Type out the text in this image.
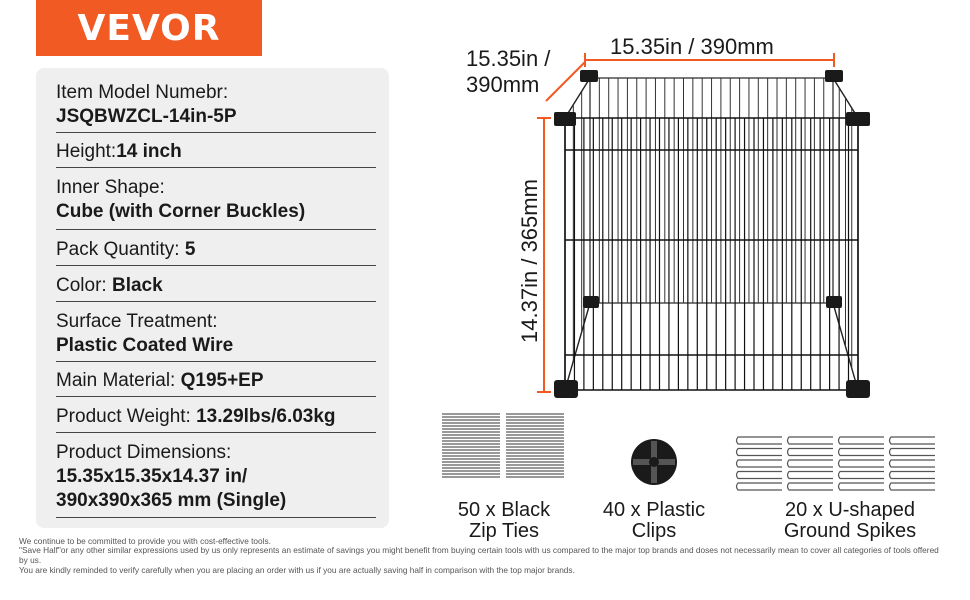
VEVOR
Item Model Numebr:
JSQBWZCL-14in-5P
Height:14 inch
Inner Shape:
Cube (with Corner Buckles)
Pack Quantity: 5
Color: Black
Surface Treatment:
Plastic Coated Wire
Main Material: Q195+EP
Product Weight: 13.29lbs/6.03kg
Product Dimensions:
15.35x15.35x14.37 in/
390x390x365 mm (Single)
15.35in / 390mm
15.35in /
390mm
14.37in / 365mm
50 x Black
Zip Ties
40 x Plastic
Clips
20 x U-shaped
Ground Spikes
We continue to be committed to provide you with cost-effective tools.
"Save Half"or any other similar expressions used by us only represents an estimate of savings you might benefit from buying certain tools with us compared to the major top brands and doses not necessarily mean to cover all categories of tools offered by us.
You are kindly reminded to verify carefully when you are placing an order with us if you are actually saving half in comparison with the top major brands.
